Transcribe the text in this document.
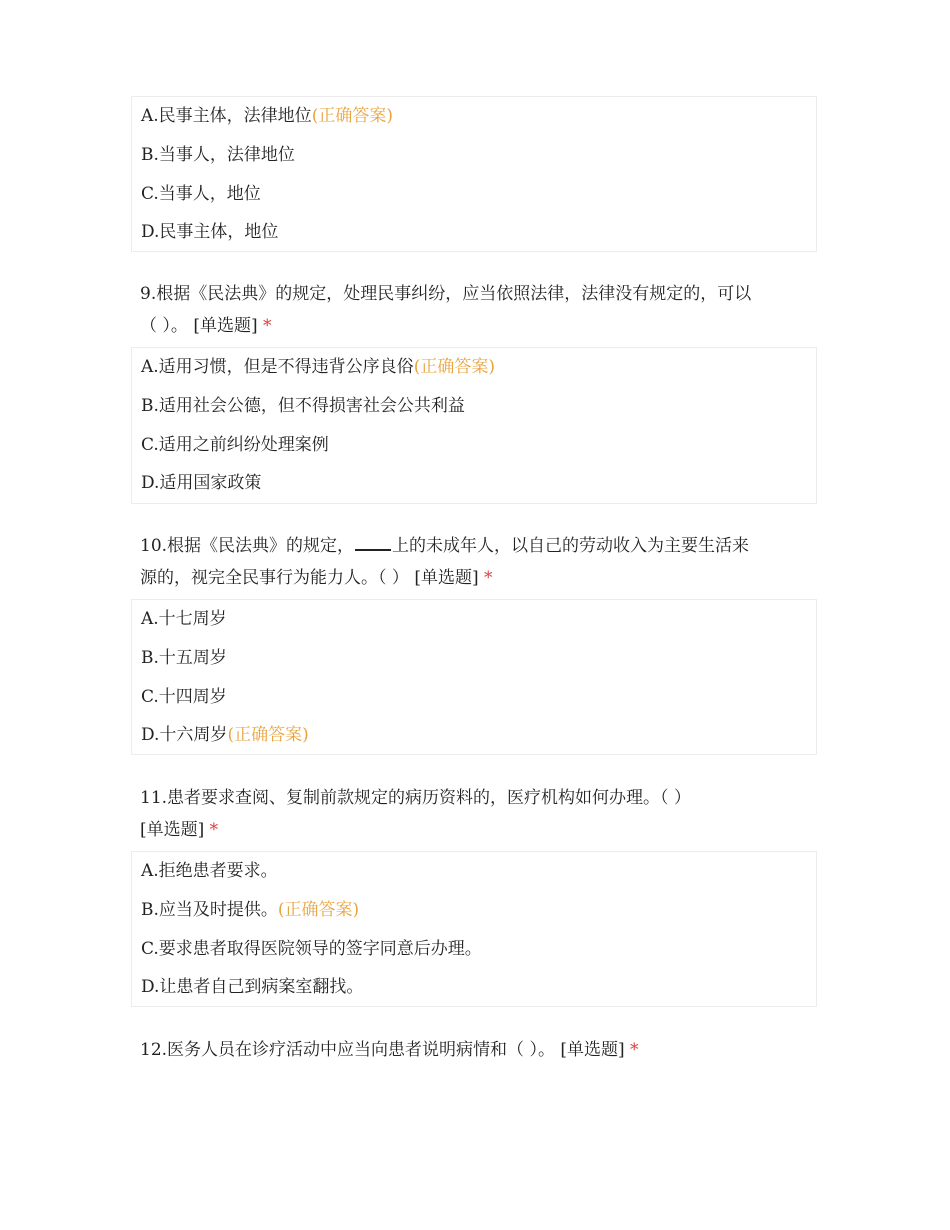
A.民事主体，法律地位(正确答案)
B.当事人，法律地位
C.当事人，地位
D.民事主体，地位
9.根据《民法典》的规定，处理民事纠纷，应当依照法律，法律没有规定的，可以
（ ）。 [单选题] *
A.适用习惯，但是不得违背公序良俗(正确答案)
B.适用社会公德，但不得损害社会公共利益
C.适用之前纠纷处理案例
D.适用国家政策
10.根据《民法典》的规定， 上的未成年人，以自己的劳动收入为主要生活来
源的，视完全民事行为能力人。（ ） [单选题] *
A.十七周岁
B.十五周岁
C.十四周岁
D.十六周岁(正确答案)
11.患者要求查阅、复制前款规定的病历资料的，医疗机构如何办理。（ ）
[单选题] *
A.拒绝患者要求。
B.应当及时提供。(正确答案)
C.要求患者取得医院领导的签字同意后办理。
D.让患者自己到病案室翻找。
12.医务人员在诊疗活动中应当向患者说明病情和（ ）。 [单选题] *
